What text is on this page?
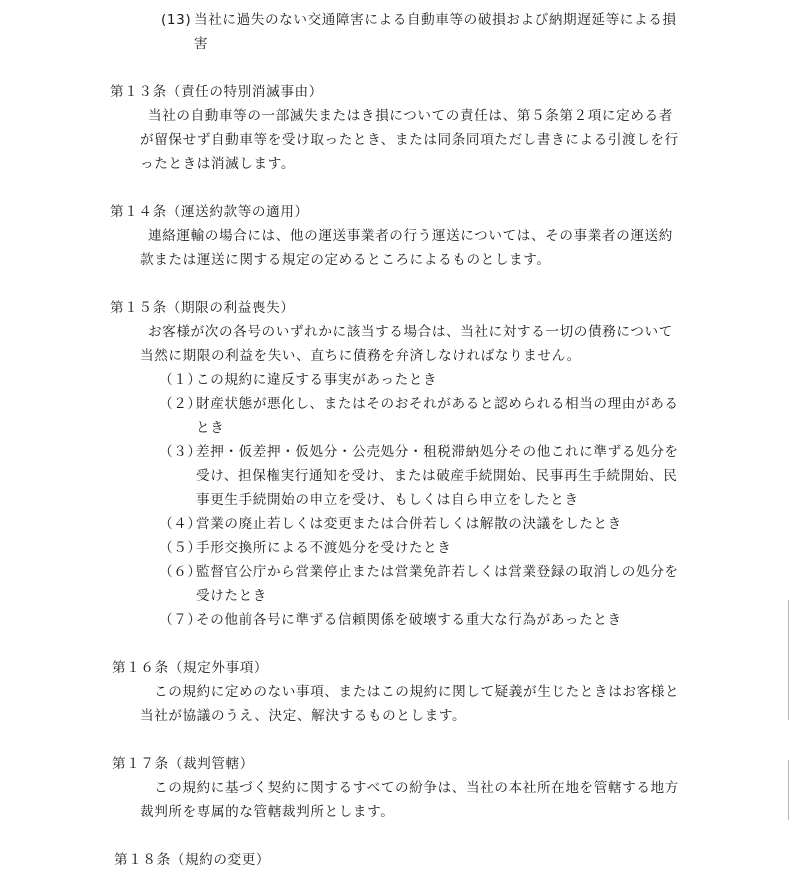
(13) 当社に過失のない交通障害による自動車等の破損および納期遅延等による損
害
第１３条（責任の特別消滅事由）
当社の自動車等の一部滅失またはき損についての責任は、第５条第２項に定める者
が留保せず自動車等を受け取ったとき、または同条同項ただし書きによる引渡しを行
ったときは消滅します。
第１４条（運送約款等の適用）
連絡運輸の場合には、他の運送事業者の行う運送については、その事業者の運送約
款または運送に関する規定の定めるところによるものとします。
第１５条（期限の利益喪失）
お客様が次の各号のいずれかに該当する場合は、当社に対する一切の債務について
当然に期限の利益を失い、直ちに債務を弁済しなければなりません。
（１）
この規約に違反する事実があったとき
（２）
財産状態が悪化し、またはそのおそれがあると認められる相当の理由がある
とき
（３）
差押・仮差押・仮処分・公売処分・租税滞納処分その他これに準ずる処分を
受け、担保権実行通知を受け、または破産手続開始、民事再生手続開始、民
事更生手続開始の申立を受け、もしくは自ら申立をしたとき
（４）
営業の廃止若しくは変更または合併若しくは解散の決議をしたとき
（５）
手形交換所による不渡処分を受けたとき
（６）
監督官公庁から営業停止または営業免許若しくは営業登録の取消しの処分を
受けたとき
（７）
その他前各号に準ずる信頼関係を破壊する重大な行為があったとき
第１６条（規定外事項）
この規約に定めのない事項、またはこの規約に関して疑義が生じたときはお客様と
当社が協議のうえ、決定、解決するものとします。
第１７条（裁判管轄）
この規約に基づく契約に関するすべての紛争は、当社の本社所在地を管轄する地方
裁判所を専属的な管轄裁判所とします。
第１８条（規約の変更）
